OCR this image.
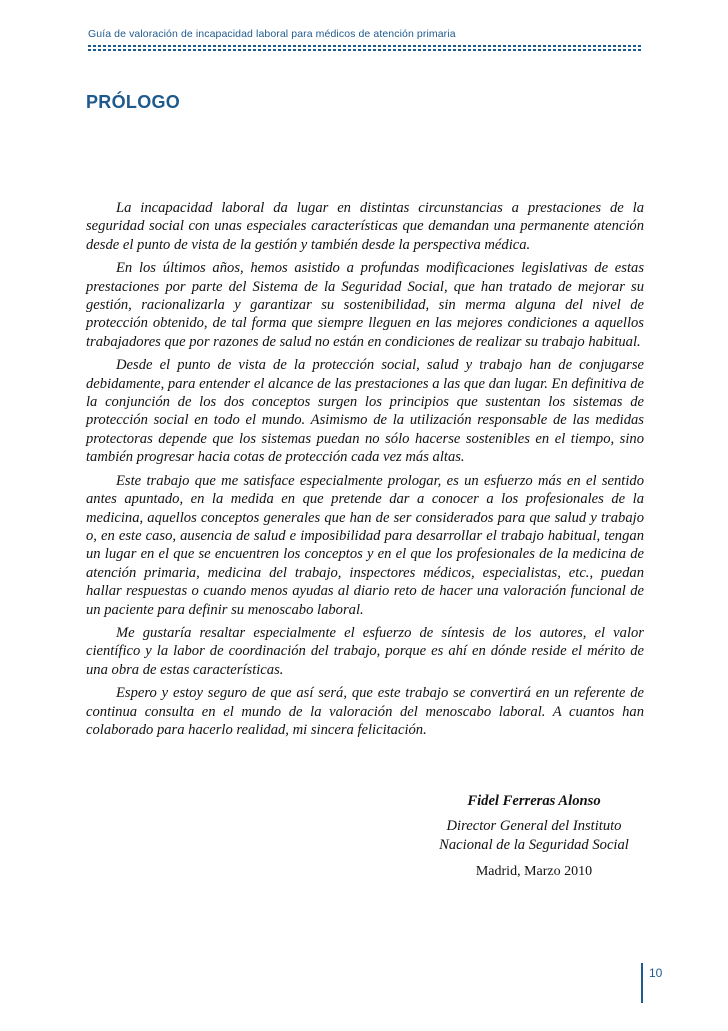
Guía de valoración de incapacidad laboral para médicos de atención primaria
PRÓLOGO

La incapacidad laboral da lugar en distintas circunstancias a prestaciones de la seguridad social con unas especiales características que demandan una permanente atención desde el punto de vista de la gestión y también desde la perspectiva médica.

En los últimos años, hemos asistido a profundas modificaciones legislativas de estas prestaciones por parte del Sistema de la Seguridad Social, que han tratado de mejorar su gestión, racionalizarla y garantizar su sostenibilidad, sin merma alguna del nivel de protección obtenido, de tal forma que siempre lleguen en las mejores condiciones a aquellos trabajadores que por razones de salud no están en condiciones de realizar su trabajo habitual.

Desde el punto de vista de la protección social, salud y trabajo han de conjugarse debidamente, para entender el alcance de las prestaciones a las que dan lugar. En definitiva de la conjunción de los dos conceptos surgen los principios que sustentan los sistemas de protección social en todo el mundo. Asimismo de la utilización responsable de las medidas protectoras depende que los sistemas puedan no sólo hacerse sostenibles en el tiempo, sino también progresar hacia cotas de protección cada vez más altas.

Este trabajo que me satisface especialmente prologar, es un esfuerzo más en el sentido antes apuntado, en la medida en que pretende dar a conocer a los profesionales de la medicina, aquellos conceptos generales que han de ser considerados para que salud y trabajo o, en este caso, ausencia de salud e imposibilidad para desarrollar el trabajo habitual, tengan un lugar en el que se encuentren los conceptos y en el que los profesionales de la medicina de atención primaria, medicina del trabajo, inspectores médicos, especialistas, etc., puedan hallar respuestas o cuando menos ayudas al diario reto de hacer una valoración funcional de un paciente para definir su menoscabo laboral.

Me gustaría resaltar especialmente el esfuerzo de síntesis de los autores, el valor científico y la labor de coordinación del trabajo, porque es ahí en dónde reside el mérito de una obra de estas características.

Espero y estoy seguro de que así será, que este trabajo se convertirá en un referente de continua consulta en el mundo de la valoración del menoscabo laboral. A cuantos han colaborado para hacerlo realidad, mi sincera felicitación.

Fidel Ferreras Alonso
Director General del Instituto
Nacional de la Seguridad Social
Madrid, Marzo 2010
10
